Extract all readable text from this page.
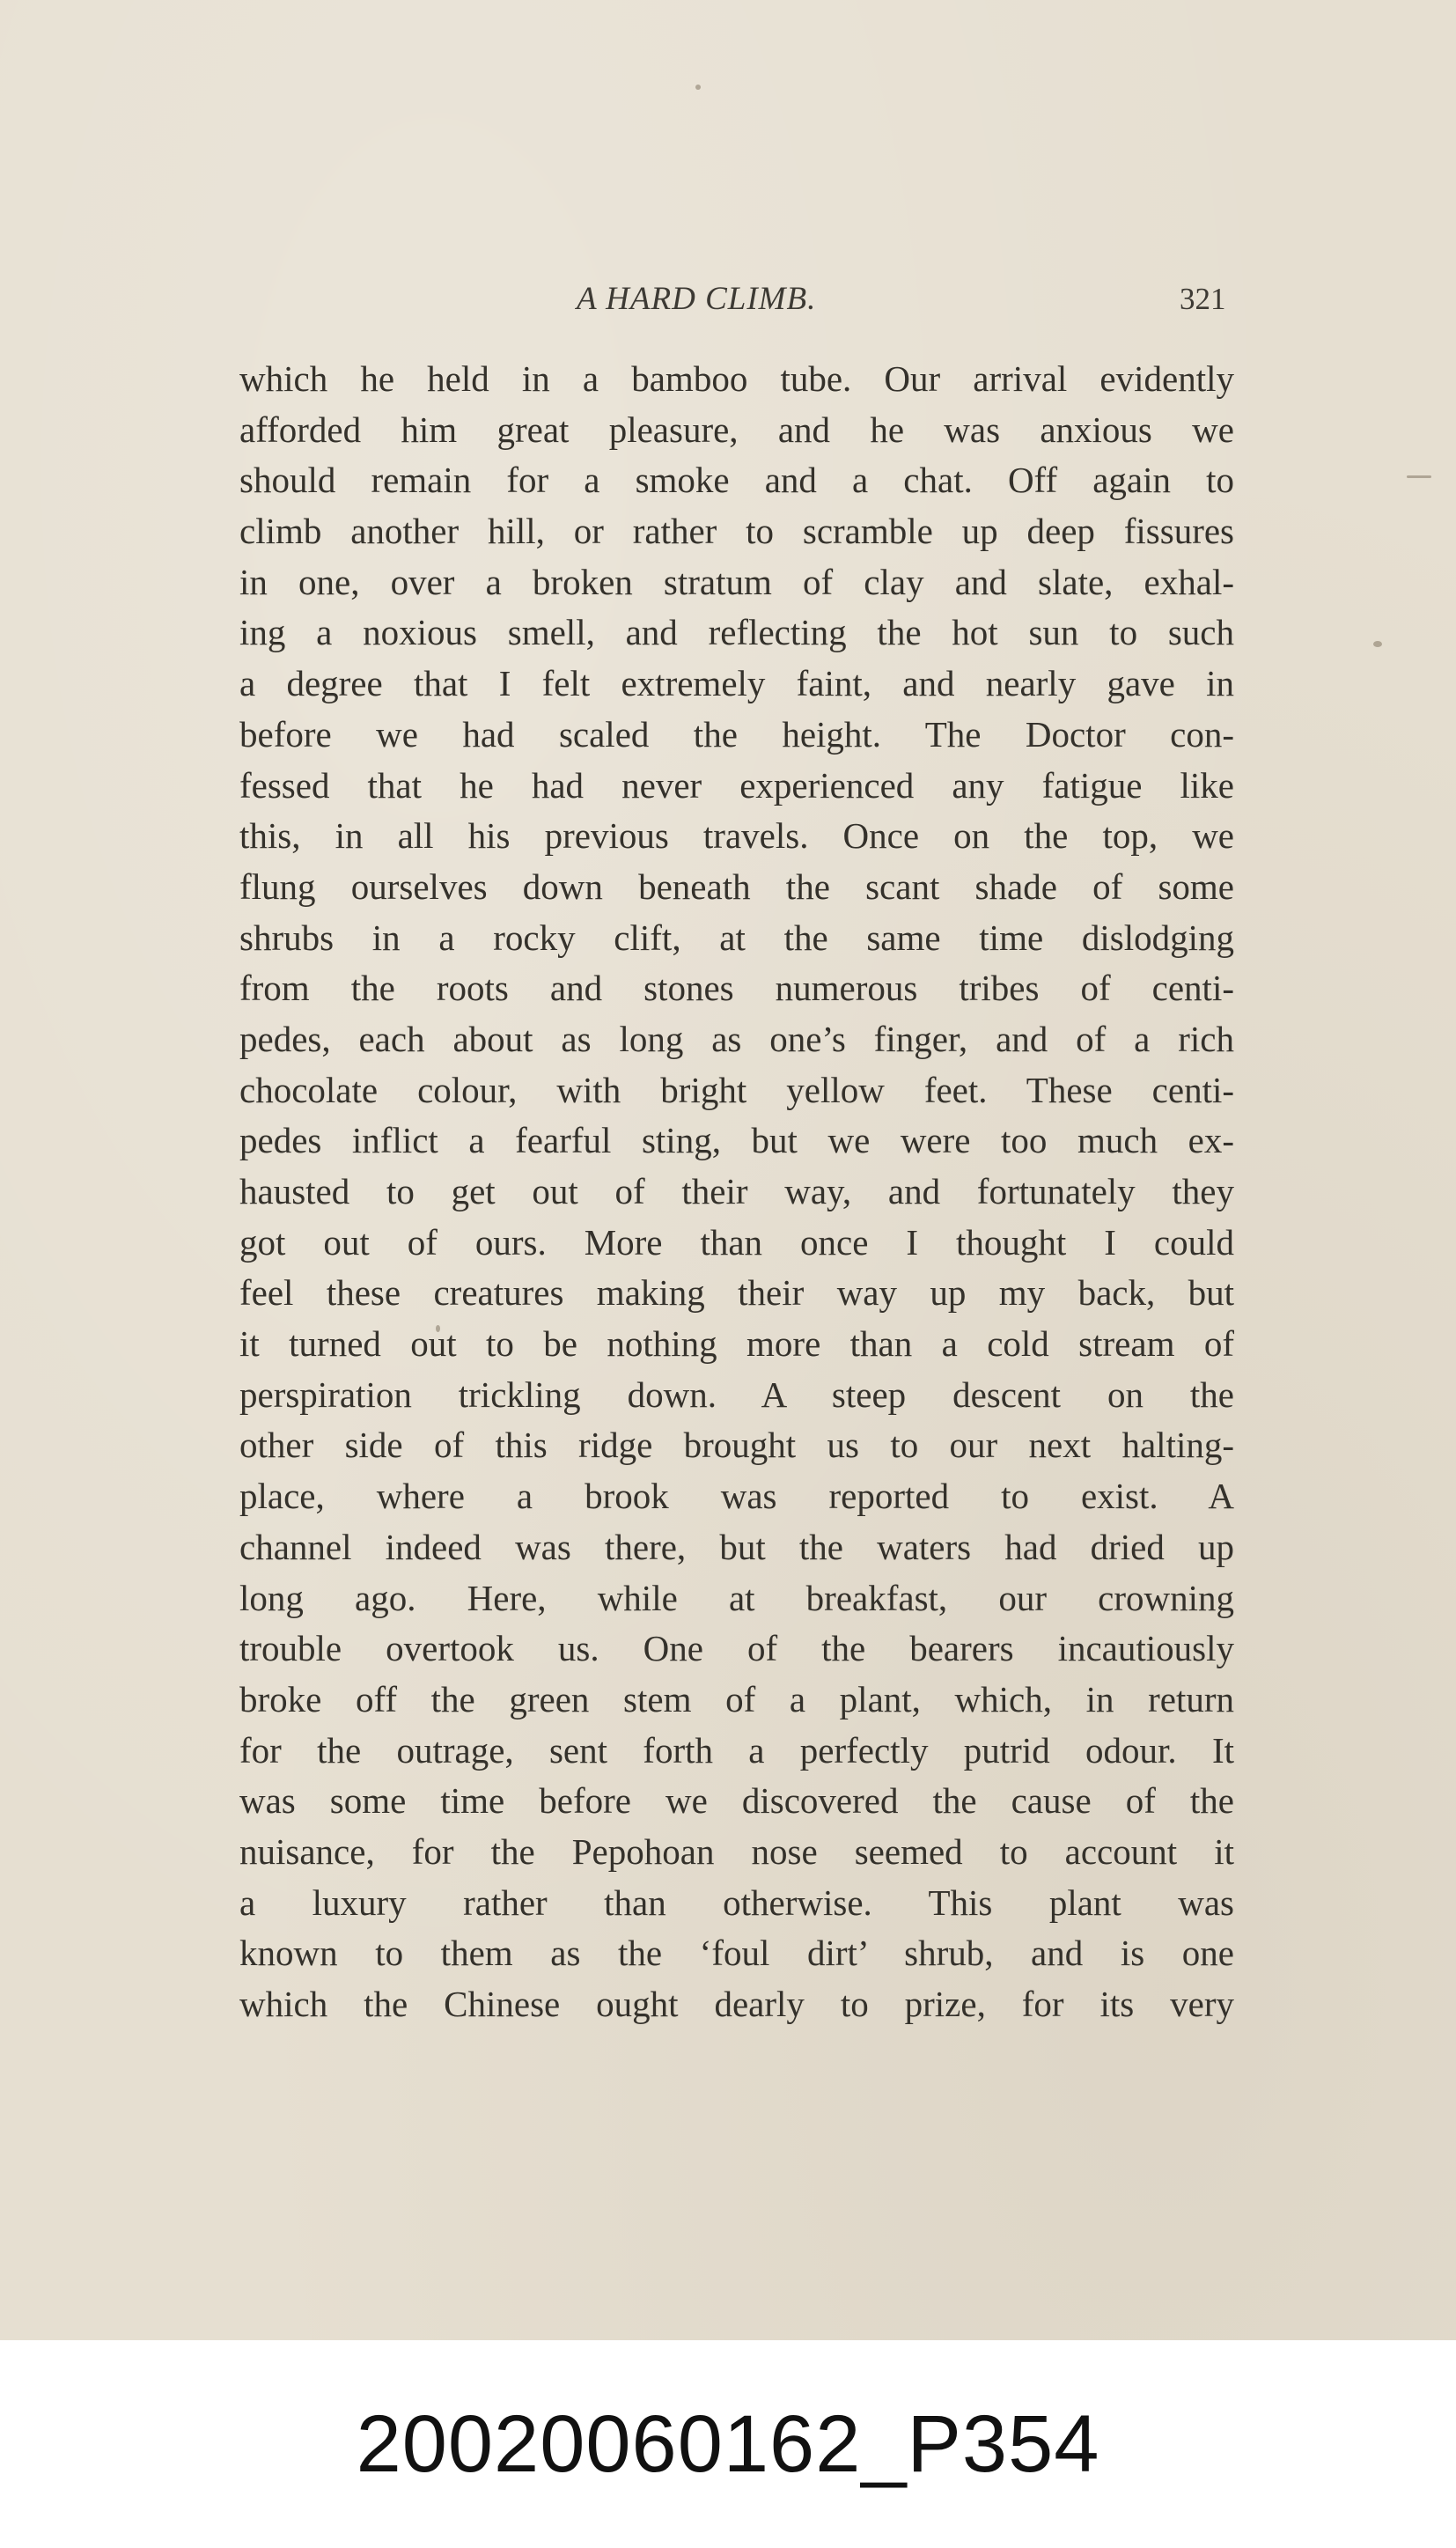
A HARD CLIMB.	321
which he held in a bamboo tube. Our arrival evidently
afforded him great pleasure, and he was anxious we
should remain for a smoke and a chat. Off again to
climb another hill, or rather to scramble up deep fissures
in one, over a broken stratum of clay and slate, exhal-
ing a noxious smell, and reflecting the hot sun to such
a degree that I felt extremely faint, and nearly gave in
before we had scaled the height. The Doctor con-
fessed that he had never experienced any fatigue like
this, in all his previous travels. Once on the top, we
flung ourselves down beneath the scant shade of some
shrubs in a rocky clift, at the same time dislodging
from the roots and stones numerous tribes of centi-
pedes, each about as long as one’s finger, and of a rich
chocolate colour, with bright yellow feet. These centi-
pedes inflict a fearful sting, but we were too much ex-
hausted to get out of their way, and fortunately they
got out of ours. More than once I thought I could
feel these creatures making their way up my back, but
it turned out to be nothing more than a cold stream of
perspiration trickling down. A steep descent on the
other side of this ridge brought us to our next halting-
place, where a brook was reported to exist. A
channel indeed was there, but the waters had dried up
long ago. Here, while at breakfast, our crowning
trouble overtook us. One of the bearers incautiously
broke off the green stem of a plant, which, in return
for the outrage, sent forth a perfectly putrid odour. It
was some time before we discovered the cause of the
nuisance, for the Pepohoan nose seemed to account it
a luxury rather than otherwise. This plant was
known to them as the ‘foul dirt’ shrub, and is one
which the Chinese ought dearly to prize, for its very
20020060162_P354
